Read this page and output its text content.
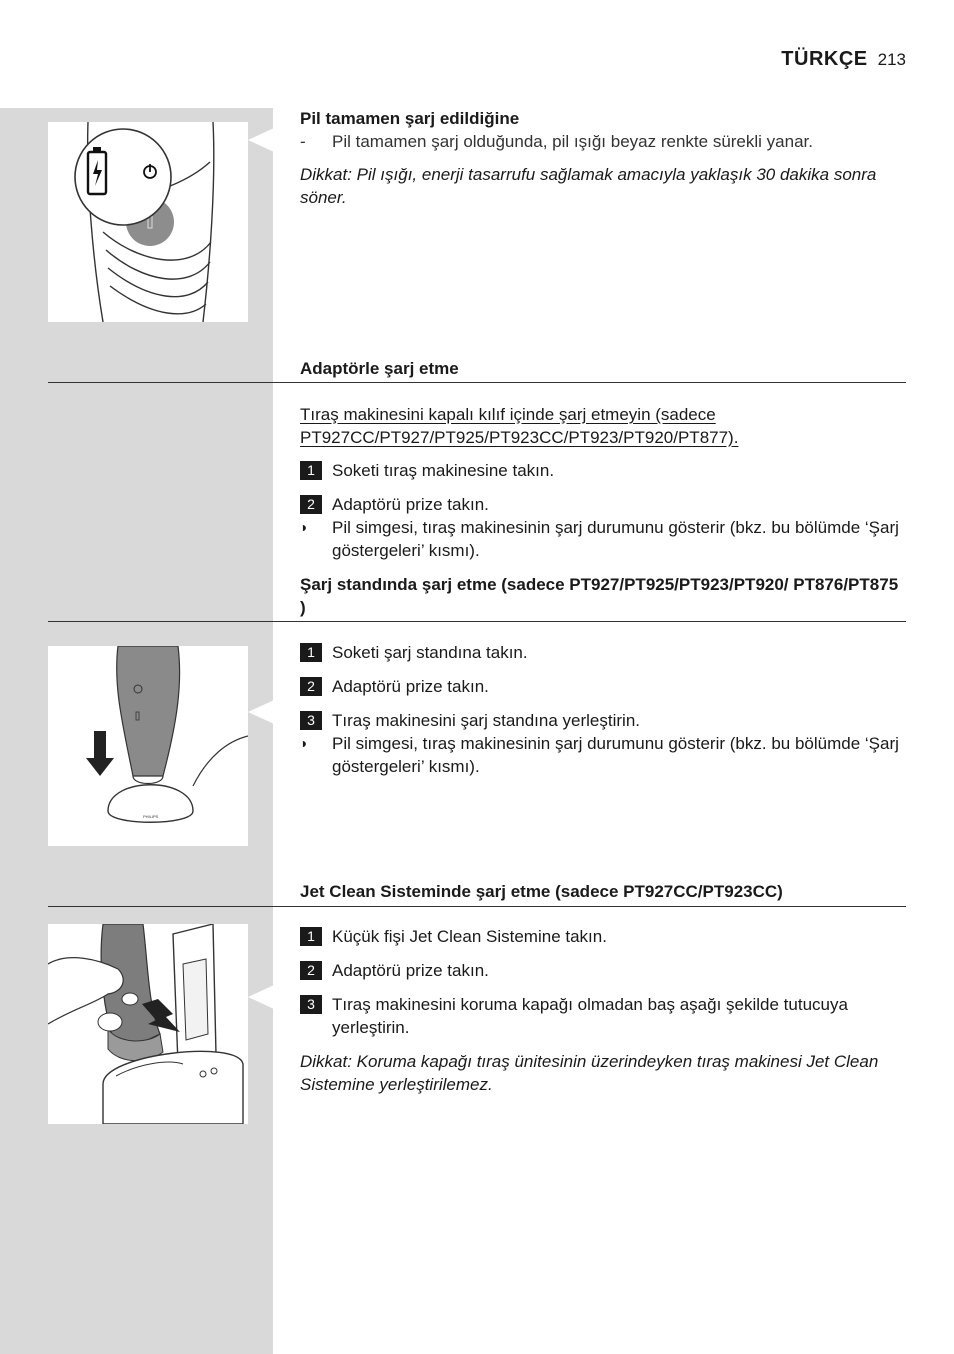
TÜRKÇE 213
Pil tamamen şarj edildiğine
-	Pil tamamen şarj olduğunda, pil ışığı beyaz renkte sürekli yanar.
Dikkat: Pil ışığı, enerji tasarrufu sağlamak amacıyla yaklaşık 30 dakika sonra söner.
Adaptörle şarj etme
Tıraş makinesini kapalı kılıf içinde şarj etmeyin (sadece PT927CC/PT927/PT925/PT923CC/PT923/PT920/PT877).
1	Soketi tıraş makinesine takın.
2	Adaptörü prize takın.
◗	Pil simgesi, tıraş makinesinin şarj durumunu gösterir (bkz. bu bölümde ‘Şarj göstergeleri’ kısmı).
Şarj standında şarj etme (sadece PT927/PT925/PT923/PT920/ PT876/PT875 )
PHILIPS
1	Soketi şarj standına takın.
2	Adaptörü prize takın.
3	Tıraş makinesini şarj standına yerleştirin.
◗	Pil simgesi, tıraş makinesinin şarj durumunu gösterir (bkz. bu bölümde ‘Şarj göstergeleri’ kısmı).
Jet Clean Sisteminde şarj etme (sadece PT927CC/PT923CC)
1	Küçük fişi Jet Clean Sistemine takın.
2	Adaptörü prize takın.
3	Tıraş makinesini koruma kapağı olmadan baş aşağı şekilde tutucuya yerleştirin.
Dikkat: Koruma kapağı tıraş ünitesinin üzerindeyken tıraş makinesi Jet Clean Sistemine yerleştirilemez.
